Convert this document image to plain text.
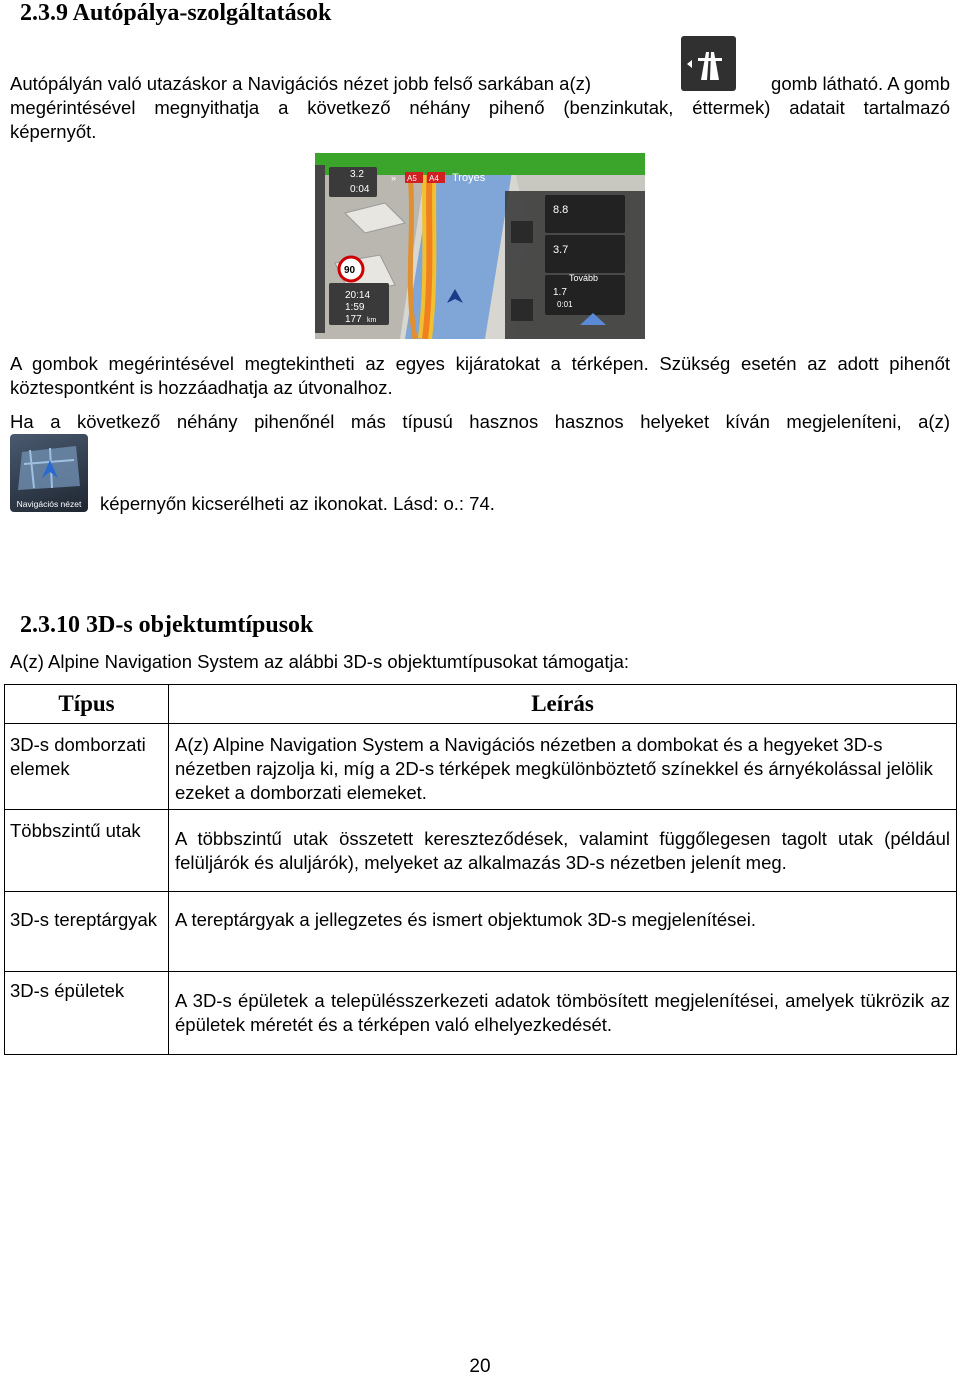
2.3.9 Autópálya-szolgáltatások
Autópályán való utazáskor a Navigációs nézet jobb felső sarkában a(z)	gomb látható. A gomb
megérintésével megnyithatja a következő néhány pihenő (benzinkutak, éttermek) adatait tartalmazó
képernyőt.
» A5 A4 Troyes
3.2
0:04
90
20:14
1:59
177 km
8.8
3.7
Tovább
1.7
0:01
A gombok megérintésével megtekintheti az egyes kijáratokat a térképen. Szükség esetén az adott pihenőt köztespontként is hozzáadhatja az útvonalhoz.
Ha a következő néhány pihenőnél más típusú hasznos hasznos helyeket kíván megjeleníteni, a(z)
Navigációs nézet	képernyőn kicserélheti az ikonokat. Lásd: o.: 74.
2.3.10 3D-s objektumtípusok
A(z) Alpine Navigation System az alábbi 3D-s objektumtípusokat támogatja:
Típus	Leírás
3D-s domborzati elemek	A(z) Alpine Navigation System a Navigációs nézetben a dombokat és a hegyeket 3D-s nézetben rajzolja ki, míg a 2D-s térképek megkülönböztető színekkel és árnyékolással jelölik ezeket a domborzati elemeket.
Többszintű utak	A többszintű utak összetett kereszteződések, valamint függőlegesen tagolt utak (például felüljárók és aluljárók), melyeket az alkalmazás 3D-s nézetben jelenít meg.
3D-s tereptárgyak	A tereptárgyak a jellegzetes és ismert objektumok 3D-s megjelenítései.
3D-s épületek	A 3D-s épületek a településszerkezeti adatok tömbösített megjelenítései, amelyek tükrözik az épületek méretét és a térképen való elhelyezkedését.
20
